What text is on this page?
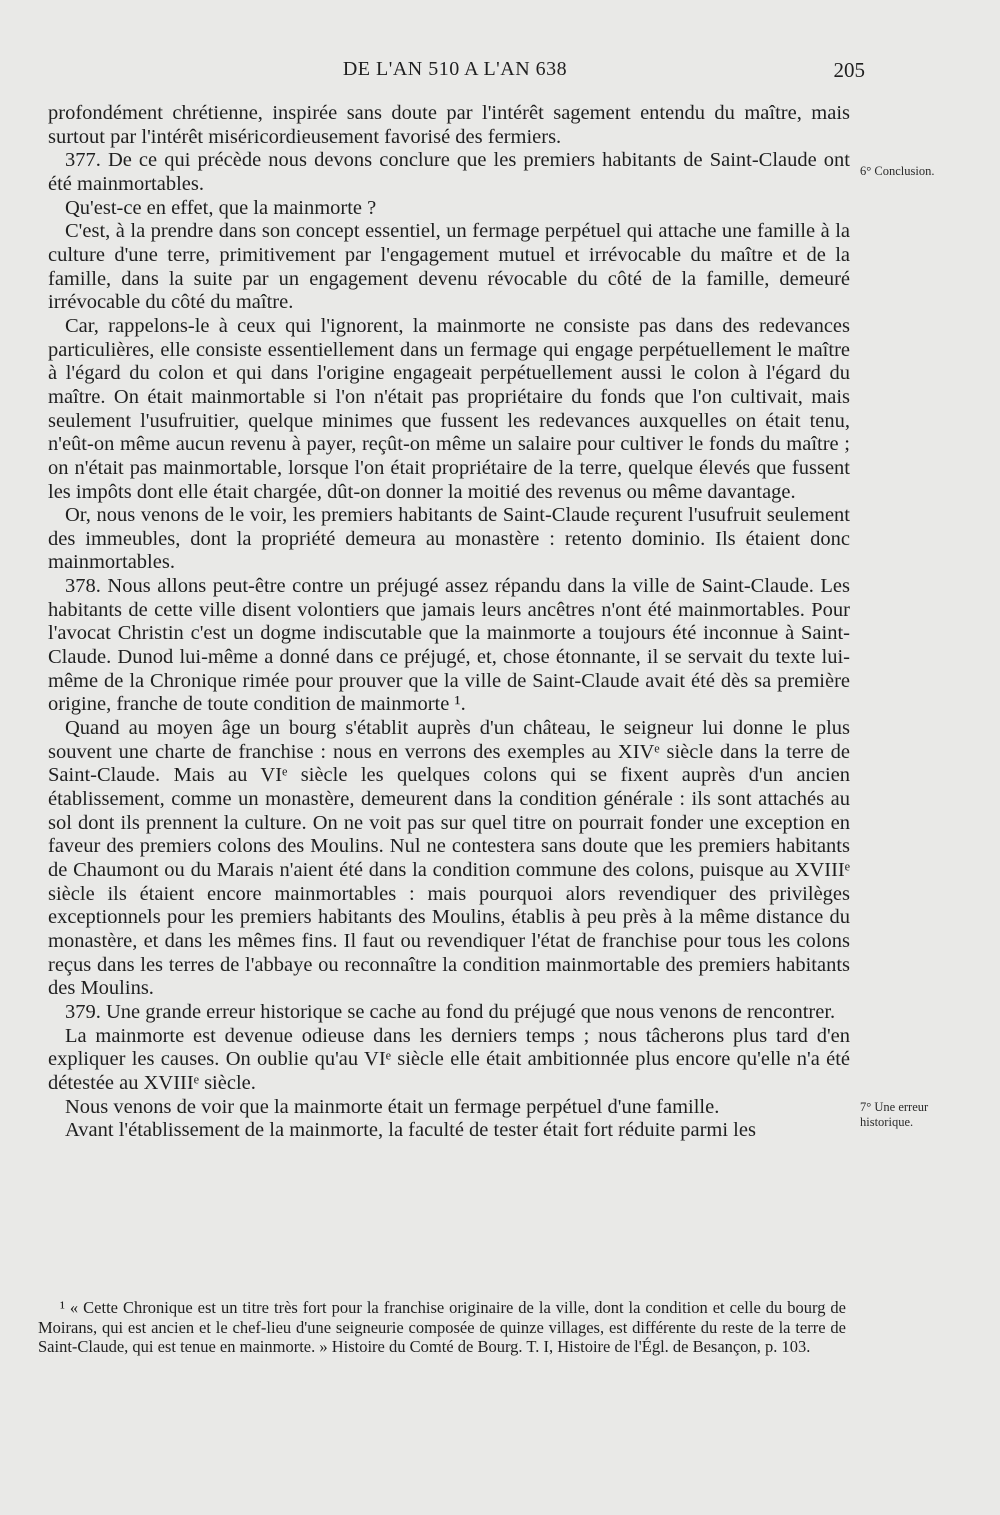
DE L'AN 510 A L'AN 638	205
6° Conclusion.
7° Une erreur historique.

profondément chrétienne, inspirée sans doute par l'intérêt sagement entendu du maître, mais surtout par l'intérêt miséricordieusement favorisé des fermiers.

377. De ce qui précède nous devons conclure que les premiers habitants de Saint-Claude ont été mainmortables.

Qu'est-ce en effet, que la mainmorte ?

C'est, à la prendre dans son concept essentiel, un fermage perpétuel qui attache une famille à la culture d'une terre, primitivement par l'engagement mutuel et irrévocable du maître et de la famille, dans la suite par un engagement devenu révocable du côté de la famille, demeuré irrévocable du côté du maître.

Car, rappelons-le à ceux qui l'ignorent, la mainmorte ne consiste pas dans des redevances particulières, elle consiste essentiellement dans un fermage qui engage perpétuellement le maître à l'égard du colon et qui dans l'origine engageait perpétuellement aussi le colon à l'égard du maître. On était mainmortable si l'on n'était pas propriétaire du fonds que l'on cultivait, mais seulement l'usufruitier, quelque minimes que fussent les redevances auxquelles on était tenu, n'eût-on même aucun revenu à payer, reçût-on même un salaire pour cultiver le fonds du maître ; on n'était pas mainmortable, lorsque l'on était propriétaire de la terre, quelque élevés que fussent les impôts dont elle était chargée, dût-on donner la moitié des revenus ou même davantage.

Or, nous venons de le voir, les premiers habitants de Saint-Claude reçurent l'usufruit seulement des immeubles, dont la propriété demeura au monastère : retento dominio. Ils étaient donc mainmortables.

378. Nous allons peut-être contre un préjugé assez répandu dans la ville de Saint-Claude. Les habitants de cette ville disent volontiers que jamais leurs ancêtres n'ont été mainmortables. Pour l'avocat Christin c'est un dogme indiscutable que la mainmorte a toujours été inconnue à Saint-Claude. Dunod lui-même a donné dans ce préjugé, et, chose étonnante, il se servait du texte lui-même de la Chronique rimée pour prouver que la ville de Saint-Claude avait été dès sa première origine, franche de toute condition de mainmorte ¹.

Quand au moyen âge un bourg s'établit auprès d'un château, le seigneur lui donne le plus souvent une charte de franchise : nous en verrons des exemples au XIVᵉ siècle dans la terre de Saint-Claude. Mais au VIᵉ siècle les quelques colons qui se fixent auprès d'un ancien établissement, comme un monastère, demeurent dans la condition générale : ils sont attachés au sol dont ils prennent la culture. On ne voit pas sur quel titre on pourrait fonder une exception en faveur des premiers colons des Moulins. Nul ne contestera sans doute que les premiers habitants de Chaumont ou du Marais n'aient été dans la condition commune des colons, puisque au XVIIIᵉ siècle ils étaient encore mainmortables : mais pourquoi alors revendiquer des privilèges exceptionnels pour les premiers habitants des Moulins, établis à peu près à la même distance du monastère, et dans les mêmes fins. Il faut ou revendiquer l'état de franchise pour tous les colons reçus dans les terres de l'abbaye ou reconnaître la condition mainmortable des premiers habitants des Moulins.

379. Une grande erreur historique se cache au fond du préjugé que nous venons de rencontrer.

La mainmorte est devenue odieuse dans les derniers temps ; nous tâcherons plus tard d'en expliquer les causes. On oublie qu'au VIᵉ siècle elle était ambitionnée plus encore qu'elle n'a été détestée au XVIIIᵉ siècle.

Nous venons de voir que la mainmorte était un fermage perpétuel d'une famille.

Avant l'établissement de la mainmorte, la faculté de tester était fort réduite parmi les

¹ « Cette Chronique est un titre très fort pour la franchise originaire de la ville, dont la condition et celle du bourg de Moirans, qui est ancien et le chef-lieu d'une seigneurie composée de quinze villages, est différente du reste de la terre de Saint-Claude, qui est tenue en mainmorte. » Histoire du Comté de Bourg. T. I, Histoire de l'Égl. de Besançon, p. 103.
